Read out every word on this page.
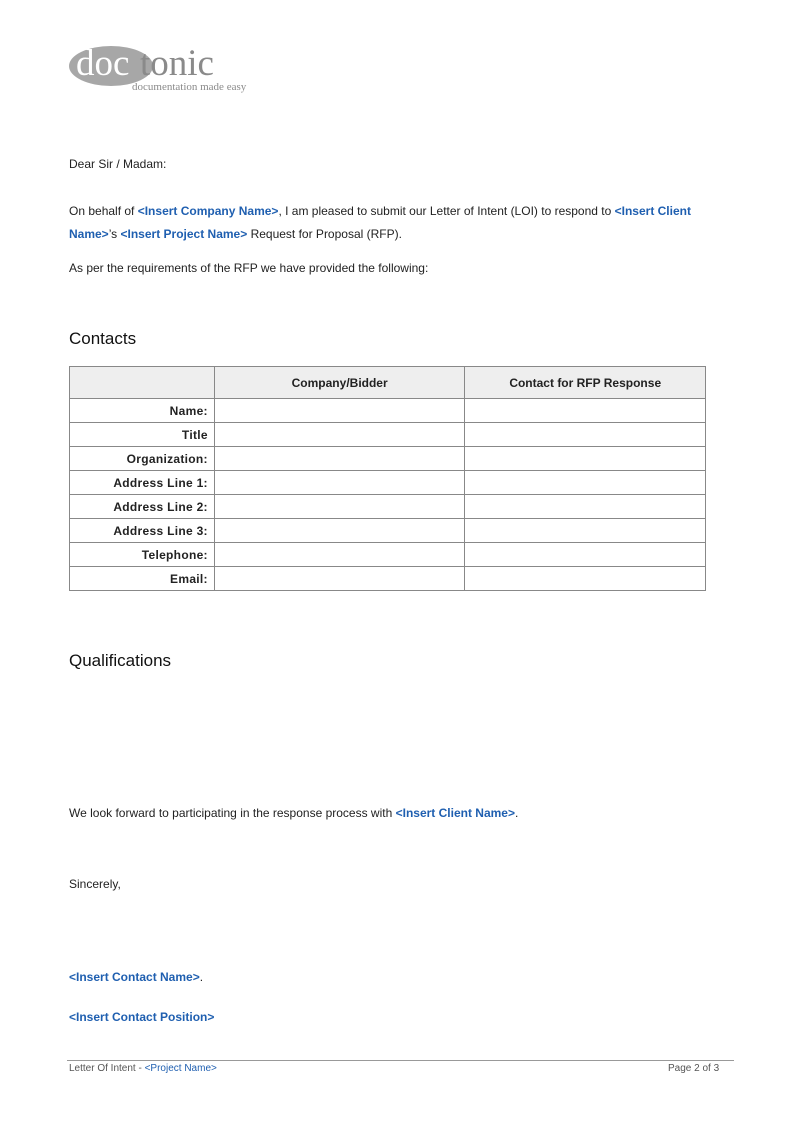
doc tonic
documentation made easy
Dear Sir / Madam:
On behalf of <Insert Company Name>, I am pleased to submit our Letter of Intent (LOI) to respond to <Insert Client Name>’s <Insert Project Name> Request for Proposal (RFP).
As per the requirements of the RFP we have provided the following:
Contacts
	Company/Bidder	Contact for RFP Response
Name:		
Title		
Organization:		
Address Line 1:		
Address Line 2:		
Address Line 3:		
Telephone:		
Email:		
Qualifications
We look forward to participating in the response process with <Insert Client Name>.
Sincerely,
<Insert Contact Name>.
<Insert Contact Position>
Letter Of Intent - <Project Name>	Page 2 of 3
